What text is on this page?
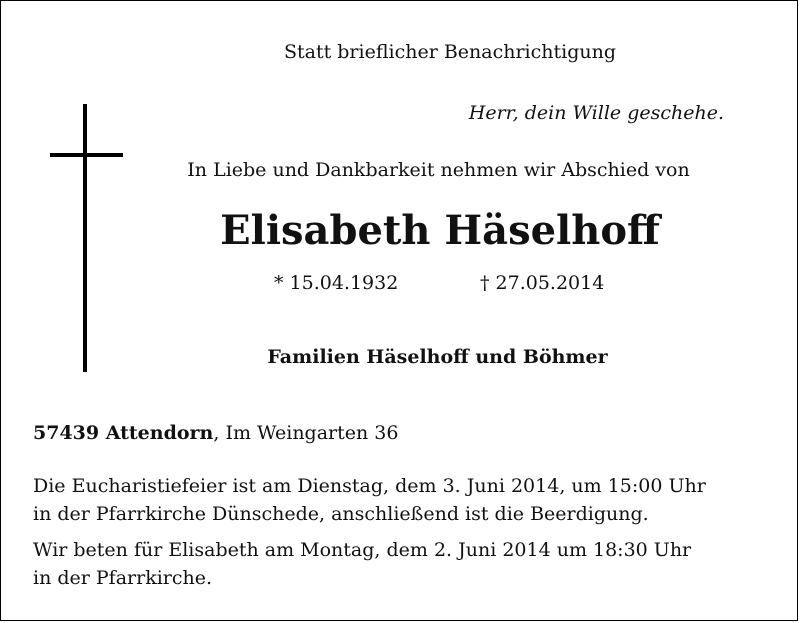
Statt brieflicher Benachrichtigung
Herr, dein Wille geschehe.
In Liebe und Dankbarkeit nehmen wir Abschied von
Elisabeth Häselhoff
* 15.04.1932	† 27.05.2014
Familien Häselhoff und Böhmer
57439 Attendorn, Im Weingarten 36
Die Eucharistiefeier ist am Dienstag, dem 3. Juni 2014, um 15:00 Uhr
in der Pfarrkirche Dünschede, anschließend ist die Beerdigung.
Wir beten für Elisabeth am Montag, dem 2. Juni 2014 um 18:30 Uhr
in der Pfarrkirche.
